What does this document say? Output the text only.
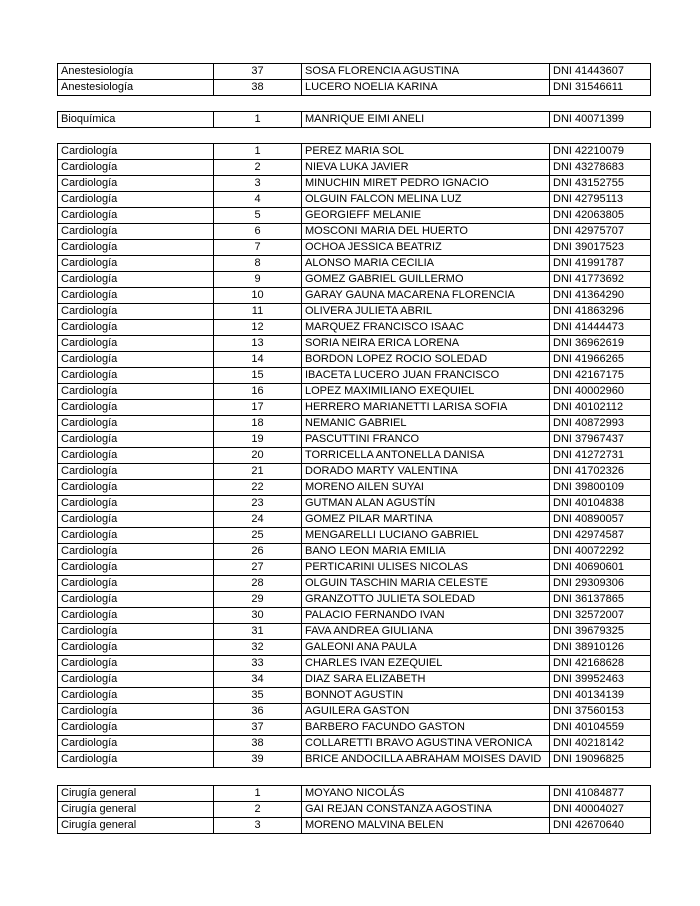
Anestesiología	37	SOSA FLORENCIA AGUSTINA	DNI 41443607
Anestesiología	38	LUCERO NOELIA KARINA	DNI 31546611
Bioquímica	1	MANRIQUE EIMI ANELI	DNI 40071399
Cardiología	1	PEREZ MARIA SOL	DNI 42210079
Cardiología	2	NIEVA LUKA JAVIER	DNI 43278683
Cardiología	3	MINUCHIN MIRET PEDRO IGNACIO	DNI 43152755
Cardiología	4	OLGUIN FALCON MELINA LUZ	DNI 42795113
Cardiología	5	GEORGIEFF MELANIE	DNI 42063805
Cardiología	6	MOSCONI MARIA DEL HUERTO	DNI 42975707
Cardiología	7	OCHOA JESSICA BEATRIZ	DNI 39017523
Cardiología	8	ALONSO MARIA CECILIA	DNI 41991787
Cardiología	9	GOMEZ GABRIEL GUILLERMO	DNI 41773692
Cardiología	10	GARAY GAUNA MACARENA FLORENCIA	DNI 41364290
Cardiología	11	OLIVERA JULIETA ABRIL	DNI 41863296
Cardiología	12	MARQUEZ FRANCISCO ISAAC	DNI 41444473
Cardiología	13	SORIA NEIRA ERICA LORENA	DNI 36962619
Cardiología	14	BORDON LOPEZ ROCIO SOLEDAD	DNI 41966265
Cardiología	15	IBACETA LUCERO JUAN FRANCISCO	DNI 42167175
Cardiología	16	LOPEZ MAXIMILIANO EXEQUIEL	DNI 40002960
Cardiología	17	HERRERO MARIANETTI LARISA SOFIA	DNI 40102112
Cardiología	18	NEMANIC GABRIEL	DNI 40872993
Cardiología	19	PASCUTTINI FRANCO	DNI 37967437
Cardiología	20	TORRICELLA ANTONELLA DANISA	DNI 41272731
Cardiología	21	DORADO MARTY VALENTINA	DNI 41702326
Cardiología	22	MORENO AILEN SUYAI	DNI 39800109
Cardiología	23	GUTMAN ALAN AGUSTÍN	DNI 40104838
Cardiología	24	GOMEZ PILAR MARTINA	DNI 40890057
Cardiología	25	MENGARELLI LUCIANO GABRIEL	DNI 42974587
Cardiología	26	BANO LEON MARIA EMILIA	DNI 40072292
Cardiología	27	PERTICARINI ULISES NICOLAS	DNI 40690601
Cardiología	28	OLGUIN TASCHIN MARIA CELESTE	DNI 29309306
Cardiología	29	GRANZOTTO JULIETA SOLEDAD	DNI 36137865
Cardiología	30	PALACIO FERNANDO IVAN	DNI 32572007
Cardiología	31	FAVA ANDREA GIULIANA	DNI 39679325
Cardiología	32	GALEONI ANA PAULA	DNI 38910126
Cardiología	33	CHARLES IVAN EZEQUIEL	DNI 42168628
Cardiología	34	DIAZ SARA ELIZABETH	DNI 39952463
Cardiología	35	BONNOT AGUSTIN	DNI 40134139
Cardiología	36	AGUILERA GASTON	DNI 37560153
Cardiología	37	BARBERO FACUNDO GASTON	DNI 40104559
Cardiología	38	COLLARETTI BRAVO AGUSTINA VERONICA	DNI 40218142
Cardiología	39	BRICE ANDOCILLA ABRAHAM MOISES DAVID	DNI 19096825
Cirugía general	1	MOYANO NICOLÁS	DNI 41084877
Cirugía general	2	GAI REJAN CONSTANZA AGOSTINA	DNI 40004027
Cirugía general	3	MORENO MALVINA BELEN	DNI 42670640
